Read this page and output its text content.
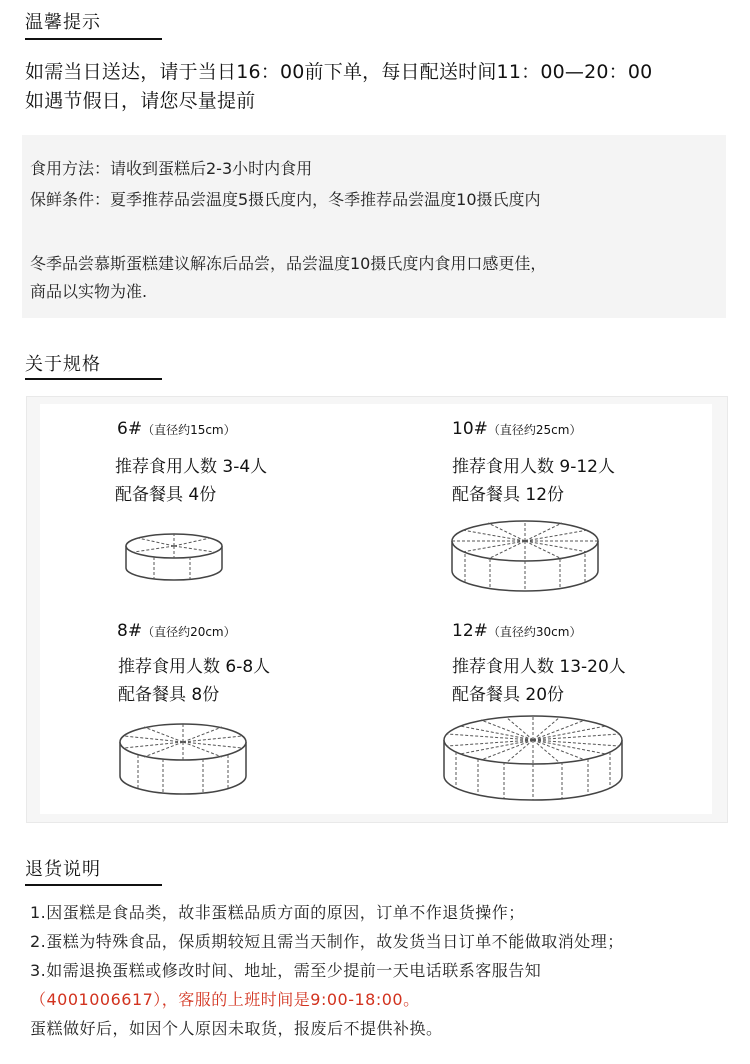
温馨提示
如需当日送达，请于当日16：00前下单，每日配送时间11：00—20：00
如遇节假日，请您尽量提前
食用方法：请收到蛋糕后2-3小时内食用
保鲜条件：夏季推荐品尝温度5摄氏度内，冬季推荐品尝温度10摄氏度内
冬季品尝慕斯蛋糕建议解冻后品尝，品尝温度10摄氏度内食用口感更佳，
商品以实物为准.
关于规格
6#（直径约15cm）
推荐食用人数 3-4人
配备餐具 4份
10#（直径约25cm）
推荐食用人数 9-12人
配备餐具 12份
8#（直径约20cm）
推荐食用人数 6-8人
配备餐具 8份
12#（直径约30cm）
推荐食用人数 13-20人
配备餐具 20份
退货说明
1.因蛋糕是食品类，故非蛋糕品质方面的原因，订单不作退货操作；
2.蛋糕为特殊食品，保质期较短且需当天制作，故发货当日订单不能做取消处理；
3.如需退换蛋糕或修改时间、地址，需至少提前一天电话联系客服告知
（4001006617），客服的上班时间是9:00-18:00。
蛋糕做好后，如因个人原因未取货，报废后不提供补换。
